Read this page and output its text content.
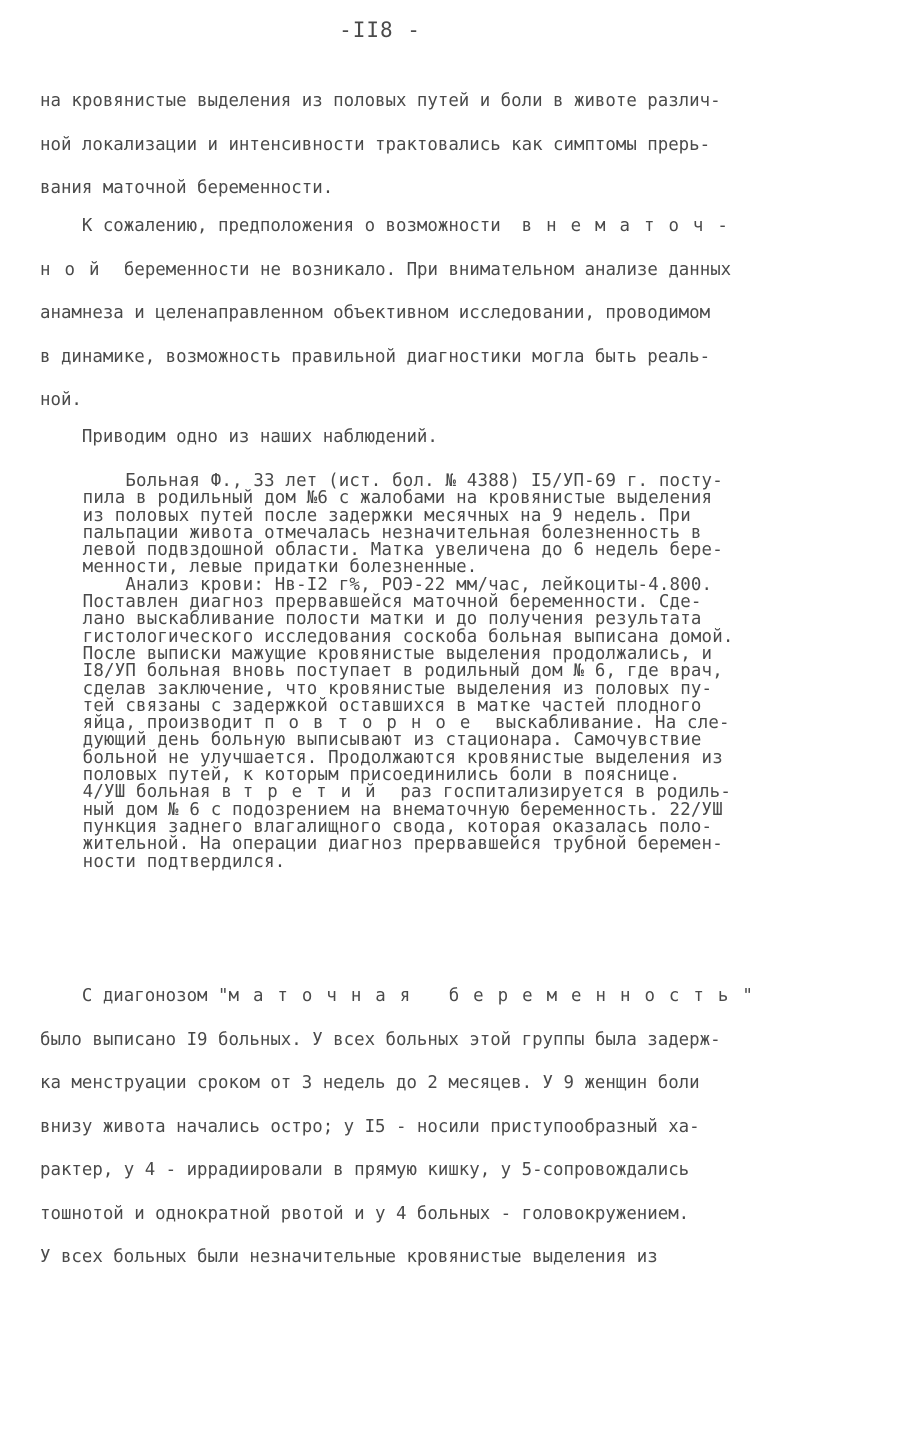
-II8 -
на кровянистые выделения из половых путей и боли в животе различ-
ной локализации и интенсивности трактовались как симптомы прерь-
вания маточной беременности.
К сожалению, предположения о возможности  внематоч-
ной беременности не возникало. При внимательном анализе данных
анамнеза и целенаправленном объективном исследовании, проводимом
в динамике, возможность правильной диагностики могла быть реаль-
ной.
Приводим одно из наших наблюдений.
Больная Ф., 33 лет (ист. бол. № 4388) I5/УП-69 г. посту-
пила в родильный дом №6 с жалобами на кровянистые выделения
из половых путей после задержки месячных на 9 недель. При
пальпации живота отмечалась незначительная болезненность в
левой подвздошной области. Матка увеличена до 6 недель бере-
менности, левые придатки болезненные.
Анализ крови: Нв-I2 г%, РОЭ-22 мм/час, лейкоциты-4.800.
Поставлен диагноз прервавшейся маточной беременности. Сде-
лано выскабливание полости матки и до получения результата
гистологического исследования соскоба больная выписана домой.
После выписки мажущие кровянистые выделения продолжались, и
I8/УП больная вновь поступает в родильный дом № 6, где врач,
сделав заключение, что кровянистые выделения из половых пу-
тей связаны с задержкой оставшихся в матке частей плодного
яйца, производит повторное выскабливание. На сле-
дующий день больную выписывают из стационара. Самочувствие
больной не улучшается. Продолжаются кровянистые выделения из
половых путей, к которым присоединились боли в пояснице.
4/УШ больная в третий раз госпитализируется в родиль-
ный дом № 6 с подозрением на внематочную беременность. 22/УШ
пункция заднего влагалищного свода, которая оказалась поло-
жительной. На операции диагноз прервавшейся трубной беремен-
ности подтвердился.
С диагонозом "маточная беременность"
было выписано I9 больных. У всех больных этой группы была задерж-
ка менструации сроком от 3 недель до 2 месяцев. У 9 женщин боли
внизу живота начались остро; у I5 - носили приступообразный ха-
рактер, у 4 - иррадиировали в прямую кишку, у 5-сопровождались
тошнотой и однократной рвотой и у 4 больных - головокружением.
У всех больных были незначительные кровянистые выделения из
